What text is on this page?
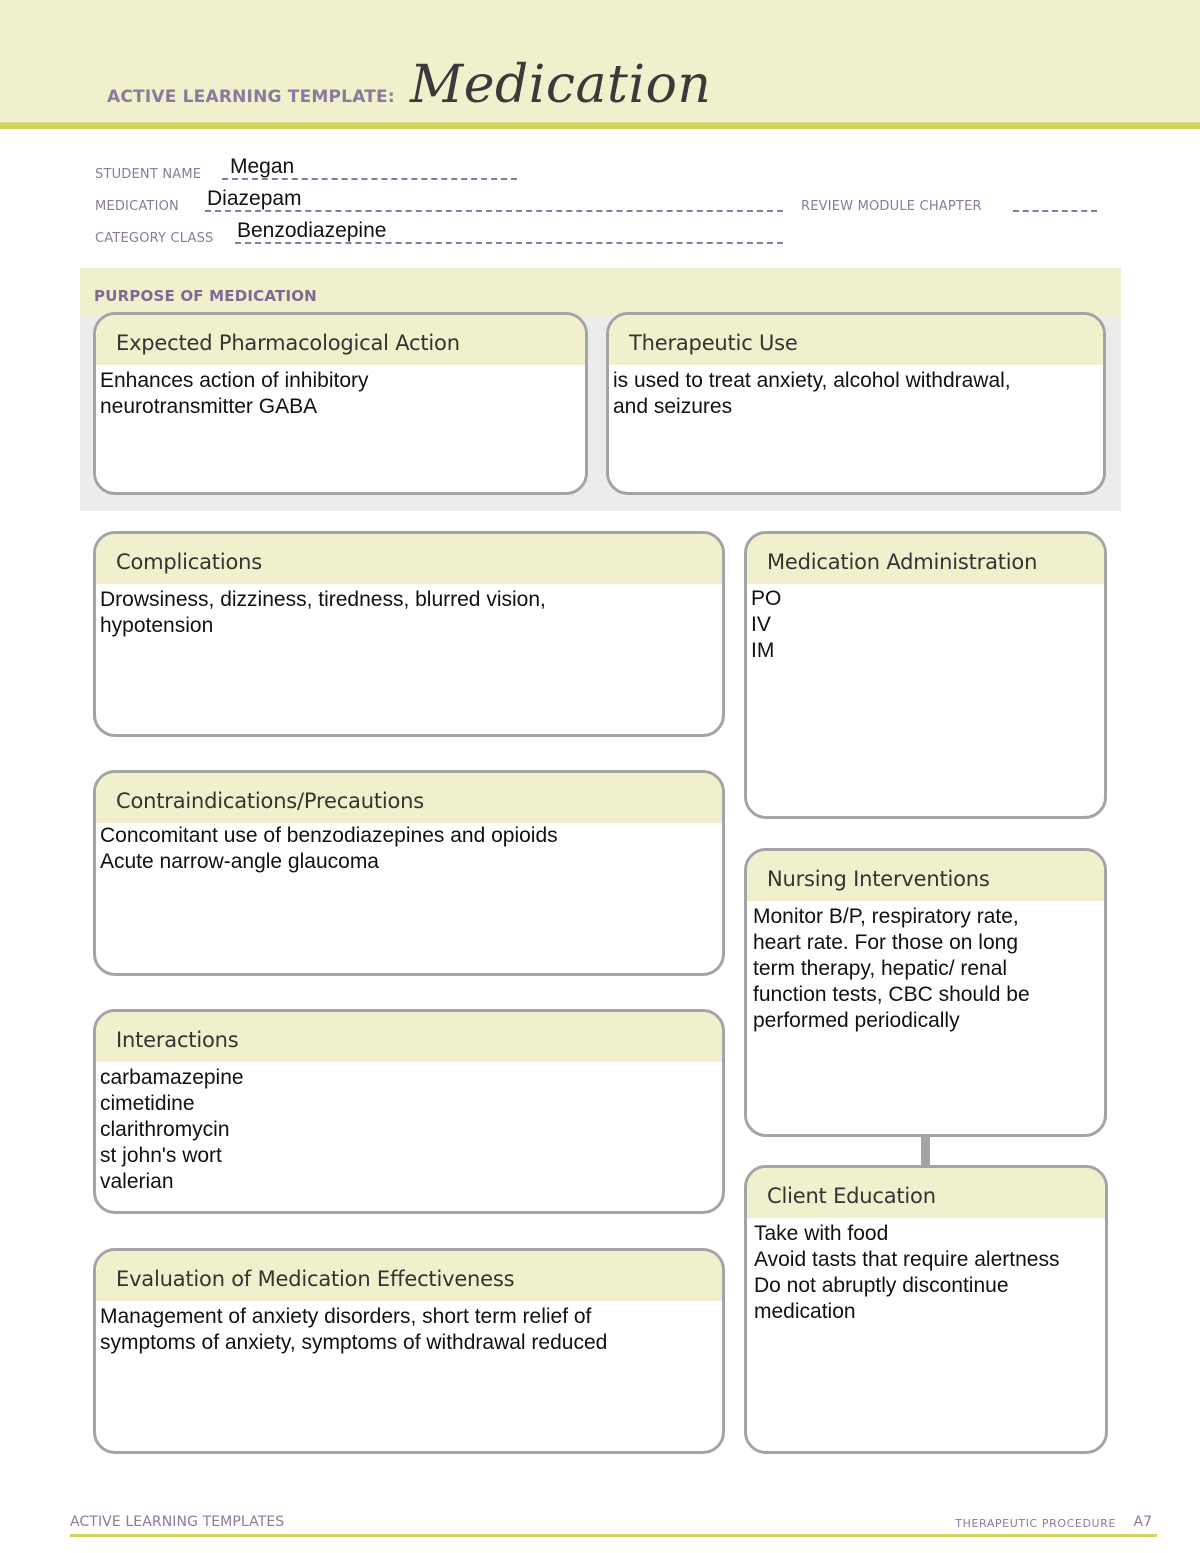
ACTIVE LEARNING TEMPLATE: Medication
STUDENT NAME Megan
MEDICATION Diazepam	REVIEW MODULE CHAPTER
CATEGORY CLASS Benzodiazepine
PURPOSE OF MEDICATION
Expected Pharmacological Action
Enhances action of inhibitory
neurotransmitter GABA
Therapeutic Use
is used to treat anxiety, alcohol withdrawal,
and seizures
Complications
Drowsiness, dizziness, tiredness, blurred vision,
hypotension
Contraindications/Precautions
Concomitant use of benzodiazepines and opioids
Acute narrow-angle glaucoma
Interactions
carbamazepine
cimetidine
clarithromycin
st john's wort
valerian
Evaluation of Medication Effectiveness
Management of anxiety disorders, short term relief of
symptoms of anxiety, symptoms of withdrawal reduced
Medication Administration
PO
IV
IM
Nursing Interventions
Monitor B/P, respiratory rate,
heart rate. For those on long
term therapy, hepatic/ renal
function tests, CBC should be
performed periodically
Client Education
Take with food
Avoid tasts that require alertness
Do not abruptly discontinue
medication
ACTIVE LEARNING TEMPLATES	THERAPEUTIC PROCEDURE A7
